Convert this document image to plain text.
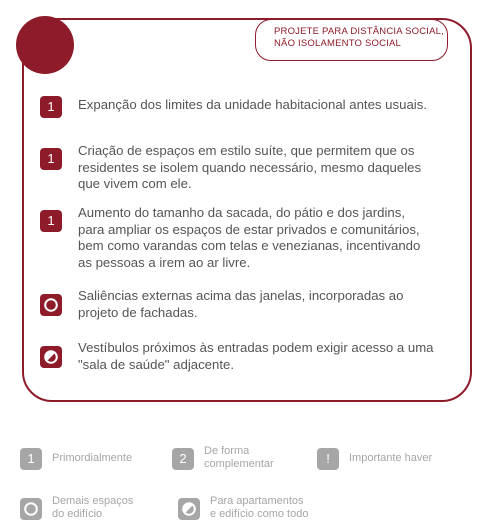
PROJETE PARA DISTÂNCIA SOCIAL,
NÃO ISOLAMENTO SOCIAL
1	Expanção dos limites da unidade habitacional antes usuais.
1
Criação de espaços em estilo suíte, que permitem que os
residentes se isolem quando necessário, mesmo daqueles
que vivem com ele.
1
Aumento do tamanho da sacada, do pátio e dos jardins,
para ampliar os espaços de estar privados e comunitários,
bem como varandas com telas e venezianas, incentivando
as pessoas a irem ao ar livre.
Saliências externas acima das janelas, incorporadas ao
projeto de fachadas.
Vestíbulos próximos às entradas podem exigir acesso a uma
"sala de saúde" adjacente.
1	Primordialmente	2	De forma
complementar	!	Importante haver
Demais espaços
do edifício
Para apartamentos
e edifício como todo
